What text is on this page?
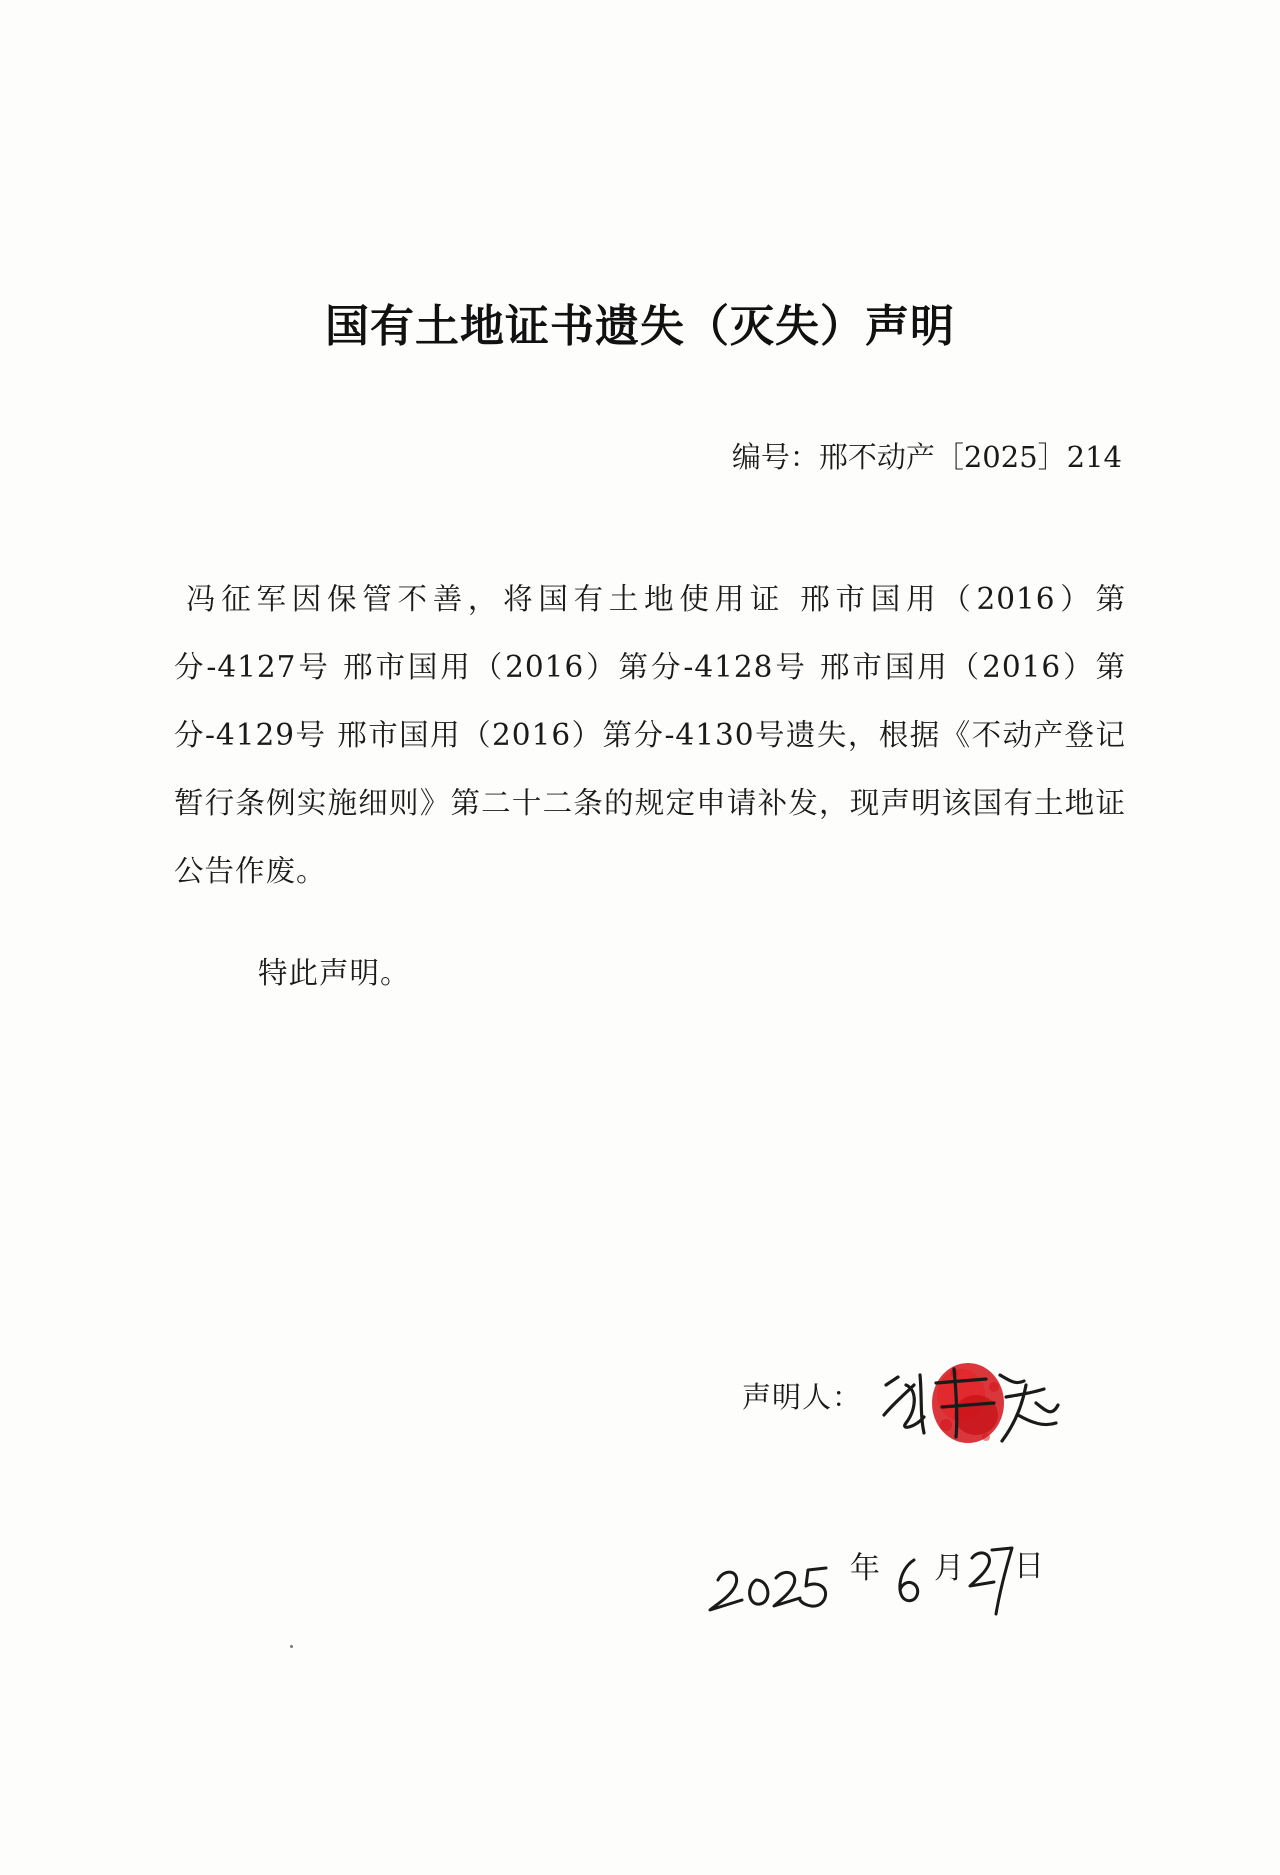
国有土地证书遗失（灭失）声明
编号：邢不动产［2025］214
冯征军因保管不善，将国有土地使用证 邢市国用（2016）第分-4127号 邢市国用（2016）第分-4128号 邢市国用（2016）第分-4129号 邢市国用（2016）第分-4130号遗失，根据《不动产登记暂行条例实施细则》第二十二条的规定申请补发，现声明该国有土地证公告作废。
特此声明。
声明人：
年 月 日
